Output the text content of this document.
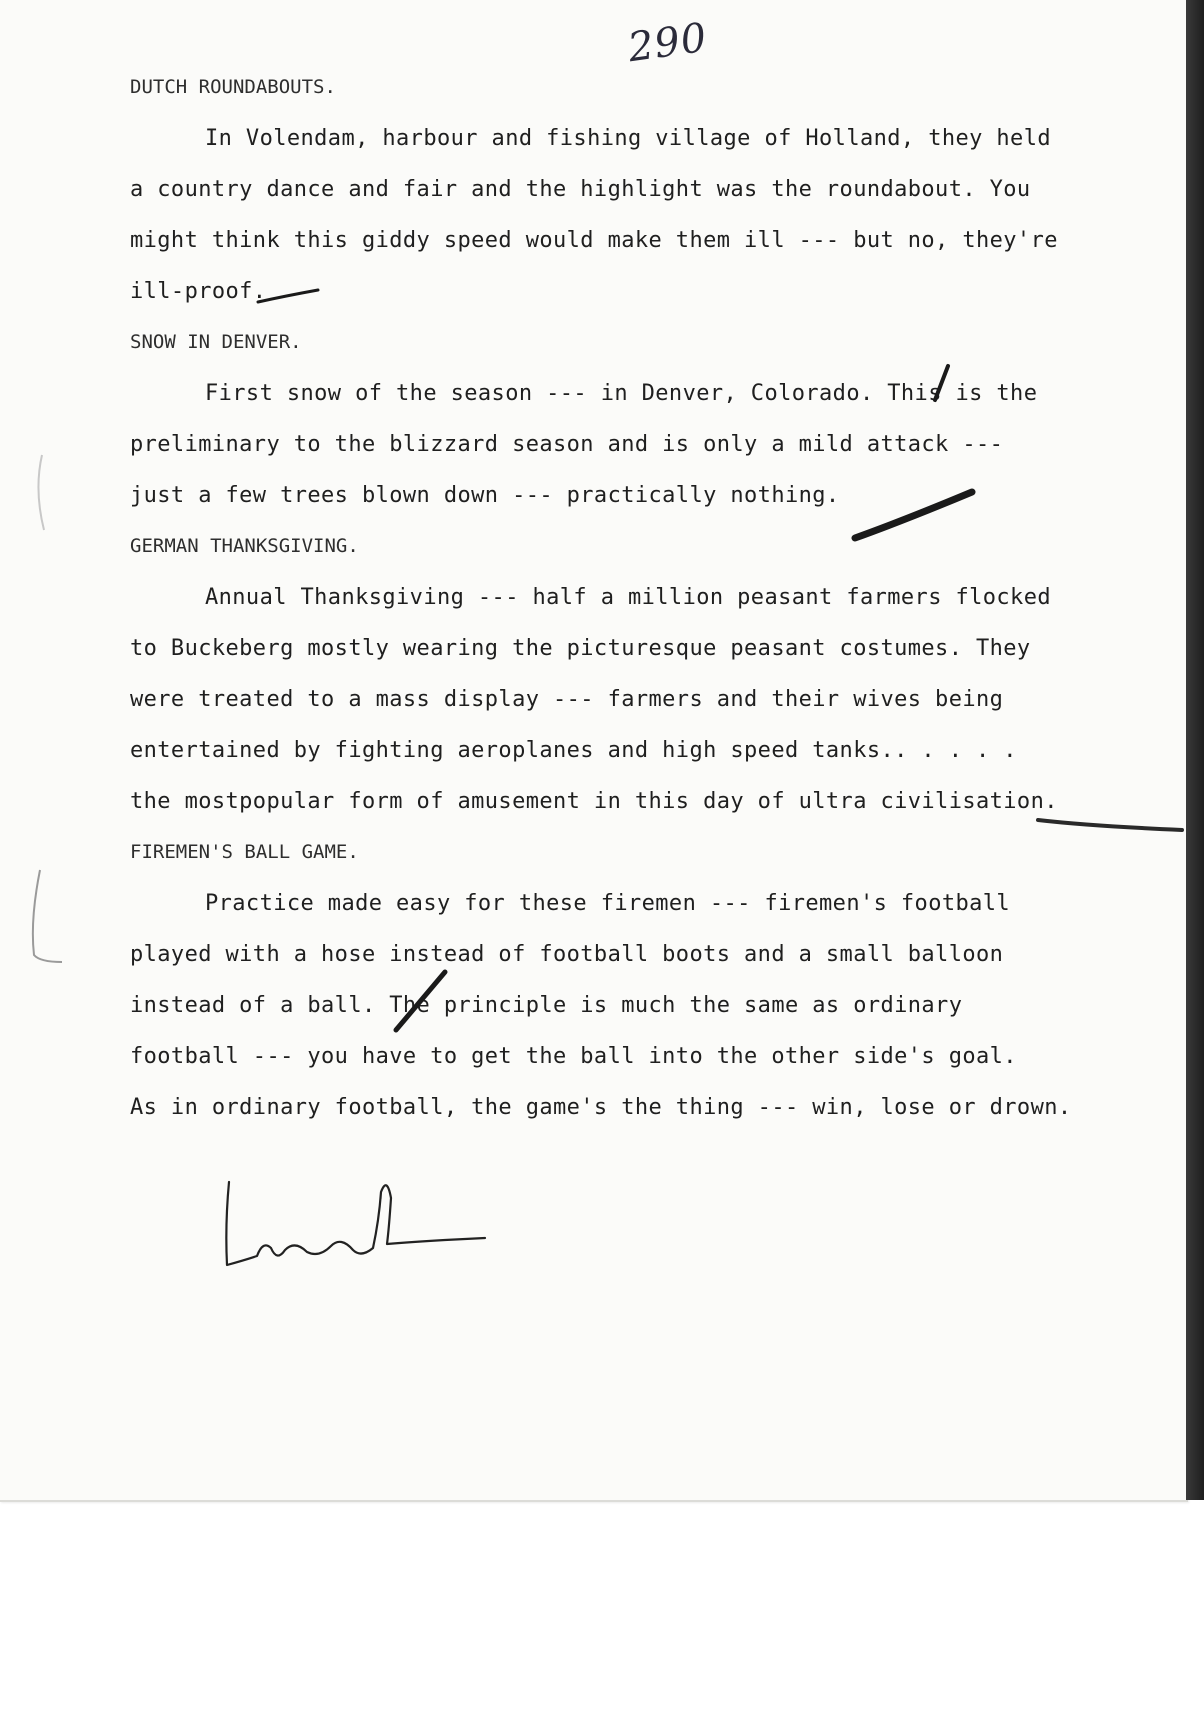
290
DUTCH ROUNDABOUTS.
In Volendam, harbour and fishing village of Holland, they held
a country dance and fair and the highlight was the roundabout. You
might think this giddy speed would make them ill --- but no, they're
ill-proof.
SNOW IN DENVER.
First snow of the season --- in Denver, Colorado. This is the
preliminary to the blizzard season and is only a mild attack ---
just a few trees blown down --- practically nothing.
GERMAN THANKSGIVING.
Annual Thanksgiving --- half a million peasant farmers flocked
to Buckeberg mostly wearing the picturesque peasant costumes. They
were treated to a mass display --- farmers and their wives being
entertained by fighting aeroplanes and high speed tanks.. . . . .
the mostpopular form of amusement in this day of ultra civilisation.
FIREMEN'S BALL GAME.
Practice made easy for these firemen --- firemen's football
played with a hose instead of football boots and a small balloon
instead of a ball. The principle is much the same as ordinary
football --- you have to get the ball into the other side's goal.
As in ordinary football, the game's the thing --- win, lose or drown.
